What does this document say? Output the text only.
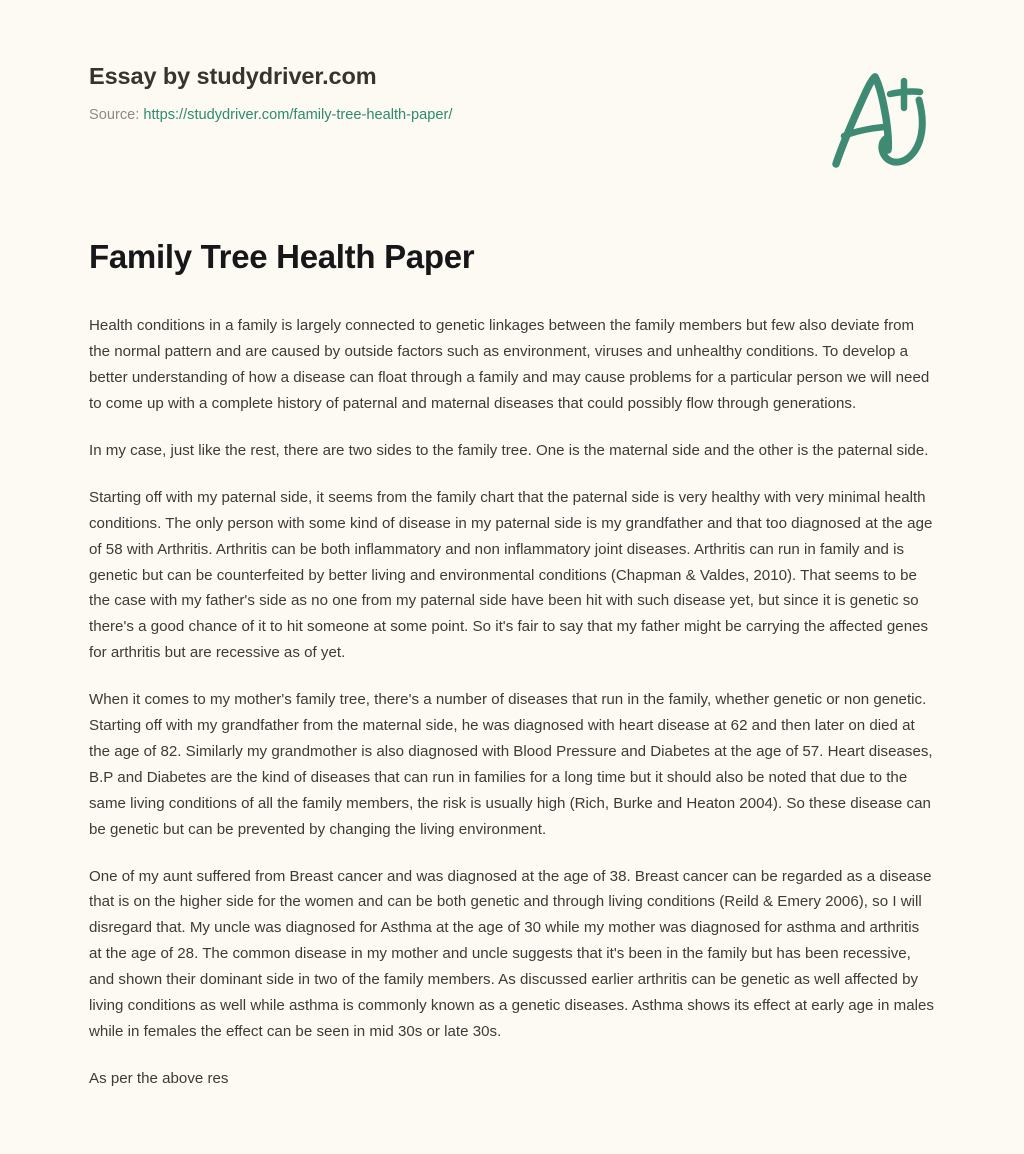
Essay by studydriver.com
Source: https://studydriver.com/family-tree-health-paper/
Family Tree Health Paper

Health conditions in a family is largely connected to genetic linkages between the family members but few also deviate from the normal pattern and are caused by outside factors such as environment, viruses and unhealthy conditions. To develop a better understanding of how a disease can float through a family and may cause problems for a particular person we will need to come up with a complete history of paternal and maternal diseases that could possibly flow through generations.

In my case, just like the rest, there are two sides to the family tree. One is the maternal side and the other is the paternal side.

Starting off with my paternal side, it seems from the family chart that the paternal side is very healthy with very minimal health conditions. The only person with some kind of disease in my paternal side is my grandfather and that too diagnosed at the age of 58 with Arthritis. Arthritis can be both inflammatory and non inflammatory joint diseases. Arthritis can run in family and is genetic but can be counterfeited by better living and environmental conditions (Chapman & Valdes, 2010). That seems to be the case with my father's side as no one from my paternal side have been hit with such disease yet, but since it is genetic so there's a good chance of it to hit someone at some point. So it's fair to say that my father might be carrying the affected genes for arthritis but are recessive as of yet.

When it comes to my mother's family tree, there's a number of diseases that run in the family, whether genetic or non genetic. Starting off with my grandfather from the maternal side, he was diagnosed with heart disease at 62 and then later on died at the age of 82. Similarly my grandmother is also diagnosed with Blood Pressure and Diabetes at the age of 57. Heart diseases, B.P and Diabetes are the kind of diseases that can run in families for a long time but it should also be noted that due to the same living conditions of all the family members, the risk is usually high (Rich, Burke and Heaton 2004). So these disease can be genetic but can be prevented by changing the living environment.

One of my aunt suffered from Breast cancer and was diagnosed at the age of 38. Breast cancer can be regarded as a disease that is on the higher side for the women and can be both genetic and through living conditions (Reild & Emery 2006), so I will disregard that. My uncle was diagnosed for Asthma at the age of 30 while my mother was diagnosed for asthma and arthritis at the age of 28. The common disease in my mother and uncle suggests that it's been in the family but has been recessive, and shown their dominant side in two of the family members. As discussed earlier arthritis can be genetic as well affected by living conditions as well while asthma is commonly known as a genetic diseases. Asthma shows its effect at early age in males while in females the effect can be seen in mid 30s or late 30s.

As per the above res
